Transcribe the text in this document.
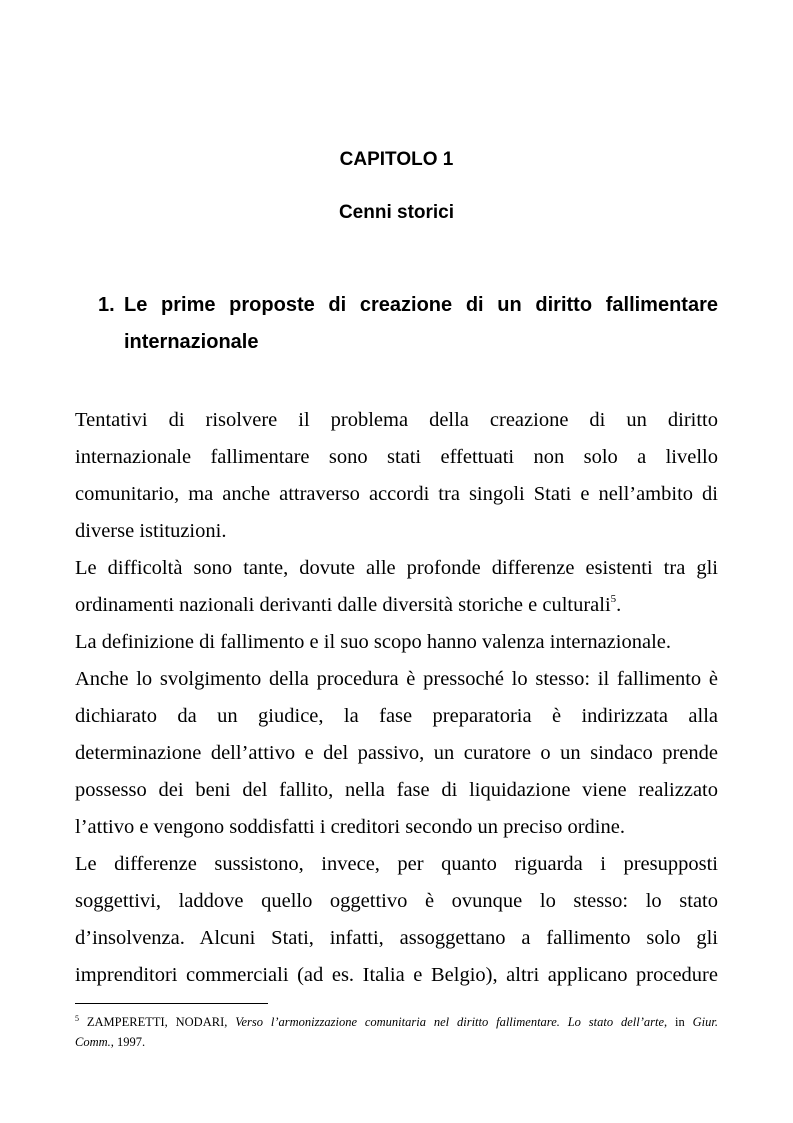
CAPITOLO 1
Cenni storici
1. Le prime proposte di creazione di un diritto fallimentare
internazionale
Tentativi di risolvere il problema della creazione di un diritto
internazionale fallimentare sono stati effettuati non solo a livello
comunitario, ma anche attraverso accordi tra singoli Stati e nell’ambito di
diverse istituzioni.
Le difficoltà sono tante, dovute alle profonde differenze esistenti tra gli
ordinamenti nazionali derivanti dalle diversità storiche e culturali$^5$.
La definizione di fallimento e il suo scopo hanno valenza internazionale.
Anche lo svolgimento della procedura è pressoché lo stesso: il fallimento è
dichiarato da un giudice, la fase preparatoria è indirizzata alla
determinazione dell’attivo e del passivo, un curatore o un sindaco prende
possesso dei beni del fallito, nella fase di liquidazione viene realizzato
l’attivo e vengono soddisfatti i creditori secondo un preciso ordine.
Le differenze sussistono, invece, per quanto riguarda i presupposti
soggettivi, laddove quello oggettivo è ovunque lo stesso: lo stato
d’insolvenza. Alcuni Stati, infatti, assoggettano a fallimento solo gli
imprenditori commerciali (ad es. Italia e Belgio), altri applicano procedure
$^5$ ZAMPERETTI, NODARI, Verso l’armonizzazione comunitaria nel diritto fallimentare. Lo stato dell’arte, in Giur.
Comm., 1997.
